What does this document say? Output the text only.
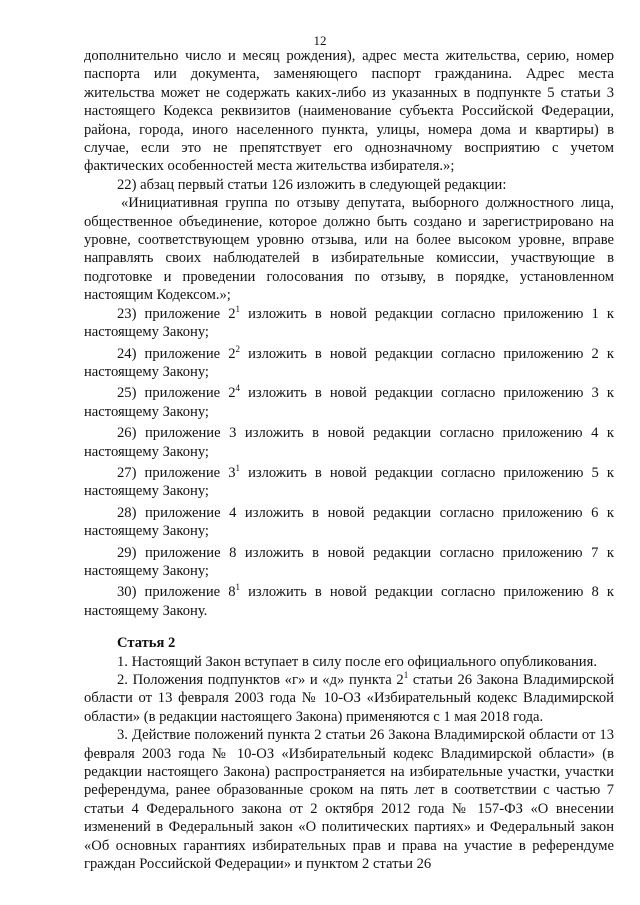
12

дополнительно число и месяц рождения), адрес места жительства, серию, номер паспорта или документа, заменяющего паспорт гражданина. Адрес места жительства может не содержать каких-либо из указанных в подпункте 5 статьи 3 настоящего Кодекса реквизитов (наименование субъекта Российской Федерации, района, города, иного населенного пункта, улицы, номера дома и квартиры) в случае, если это не препятствует его однозначному восприятию с учетом фактических особенностей места жительства избирателя.»;

22) абзац первый статьи 126 изложить в следующей редакции:

«Инициативная группа по отзыву депутата, выборного должностного лица, общественное объединение, которое должно быть создано и зарегистрировано на уровне, соответствующем уровню отзыва, или на более высоком уровне, вправе направлять своих наблюдателей в избирательные комиссии, участвующие в подготовке и проведении голосования по отзыву, в порядке, установленном настоящим Кодексом.»;

23) приложение $2^1$ изложить в новой редакции согласно приложению 1 к настоящему Закону;

24) приложение $2^2$ изложить в новой редакции согласно приложению 2 к настоящему Закону;

25) приложение $2^4$ изложить в новой редакции согласно приложению 3 к настоящему Закону;

26) приложение 3 изложить в новой редакции согласно приложению 4 к настоящему Закону;

27) приложение $3^1$ изложить в новой редакции согласно приложению 5 к настоящему Закону;

28) приложение 4 изложить в новой редакции согласно приложению 6 к настоящему Закону;

29) приложение 8 изложить в новой редакции согласно приложению 7 к настоящему Закону;

30) приложение $8^1$ изложить в новой редакции согласно приложению 8 к настоящему Закону.

Статья 2

1. Настоящий Закон вступает в силу после его официального опубликования.

2. Положения подпунктов «г» и «д» пункта $2^1$ статьи 26 Закона Владимирской области от 13 февраля 2003 года № 10-ОЗ «Избирательный кодекс Владимирской области» (в редакции настоящего Закона) применяются с 1 мая 2018 года.

3. Действие положений пункта 2 статьи 26 Закона Владимирской области от 13 февраля 2003 года № 10-ОЗ «Избирательный кодекс Владимирской области» (в редакции настоящего Закона) распространяется на избирательные участки, участки референдума, ранее образованные сроком на пять лет в соответствии с частью 7 статьи 4 Федерального закона от 2 октября 2012 года № 157-ФЗ «О внесении изменений в Федеральный закон «О политических партиях» и Федеральный закон «Об основных гарантиях избирательных прав и права на участие в референдуме граждан Российской Федерации» и пунктом 2 статьи 26
